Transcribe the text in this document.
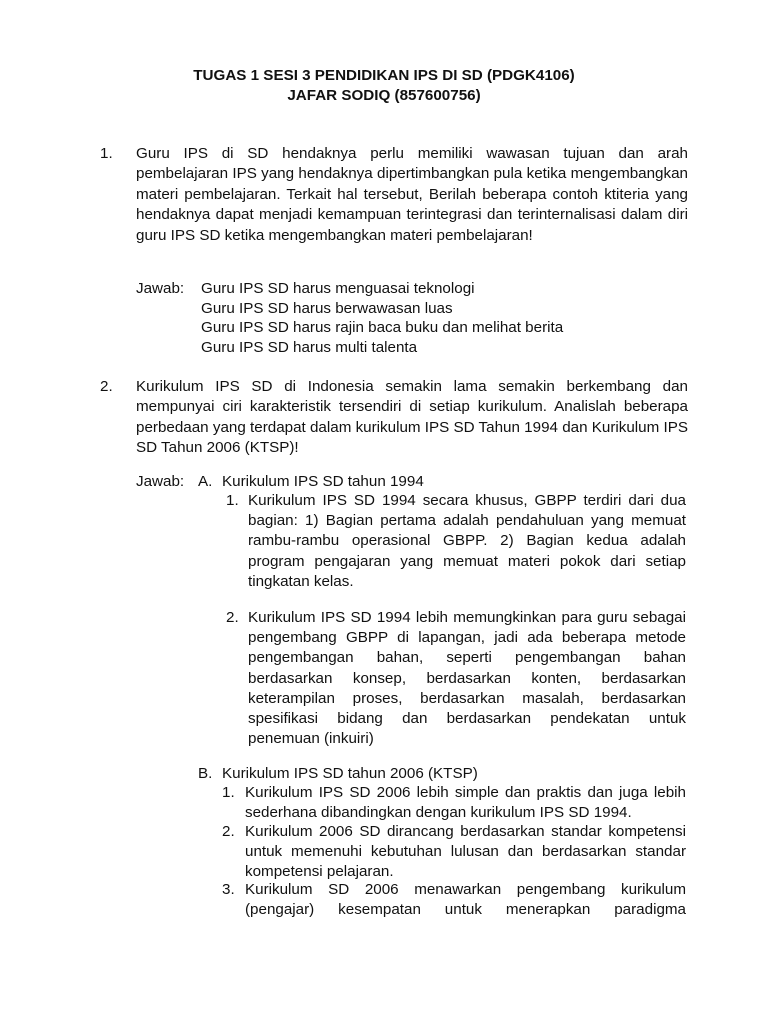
TUGAS 1 SESI 3 PENDIDIKAN IPS DI SD (PDGK4106)
JAFAR SODIQ (857600756)
1. Guru IPS di SD hendaknya perlu memiliki wawasan tujuan dan arah pembelajaran IPS yang hendaknya dipertimbangkan pula ketika mengembangkan materi pembelajaran. Terkait hal tersebut, Berilah beberapa contoh ktiteria yang hendaknya dapat menjadi kemampuan terintegrasi dan terinternalisasi dalam diri guru IPS SD ketika mengembangkan materi pembelajaran!
Jawab: Guru IPS SD harus menguasai teknologi
Guru IPS SD harus berwawasan luas
Guru IPS SD harus rajin baca buku dan melihat berita
Guru IPS SD harus multi talenta
2. Kurikulum IPS SD di Indonesia semakin lama semakin berkembang dan mempunyai ciri karakteristik tersendiri di setiap kurikulum. Analislah beberapa perbedaan yang terdapat dalam kurikulum IPS SD Tahun 1994 dan Kurikulum IPS SD Tahun 2006 (KTSP)!
Jawab: A. Kurikulum IPS SD tahun 1994
1. Kurikulum IPS SD 1994 secara khusus, GBPP terdiri dari dua bagian: 1) Bagian pertama adalah pendahuluan yang memuat rambu-rambu operasional GBPP. 2) Bagian kedua adalah program pengajaran yang memuat materi pokok dari setiap tingkatan kelas.
2. Kurikulum IPS SD 1994 lebih memungkinkan para guru sebagai pengembang GBPP di lapangan, jadi ada beberapa metode pengembangan bahan, seperti pengembangan bahan berdasarkan konsep, berdasarkan konten, berdasarkan keterampilan proses, berdasarkan masalah, berdasarkan spesifikasi bidang dan berdasarkan pendekatan untuk penemuan (inkuiri)
B. Kurikulum IPS SD tahun 2006 (KTSP)
1. Kurikulum IPS SD 2006 lebih simple dan praktis dan juga lebih sederhana dibandingkan dengan kurikulum IPS SD 1994.
2. Kurikulum 2006 SD dirancang berdasarkan standar kompetensi untuk memenuhi kebutuhan lulusan dan berdasarkan standar kompetensi pelajaran.
3. Kurikulum SD 2006 menawarkan pengembang kurikulum (pengajar) kesempatan untuk menerapkan paradigma
